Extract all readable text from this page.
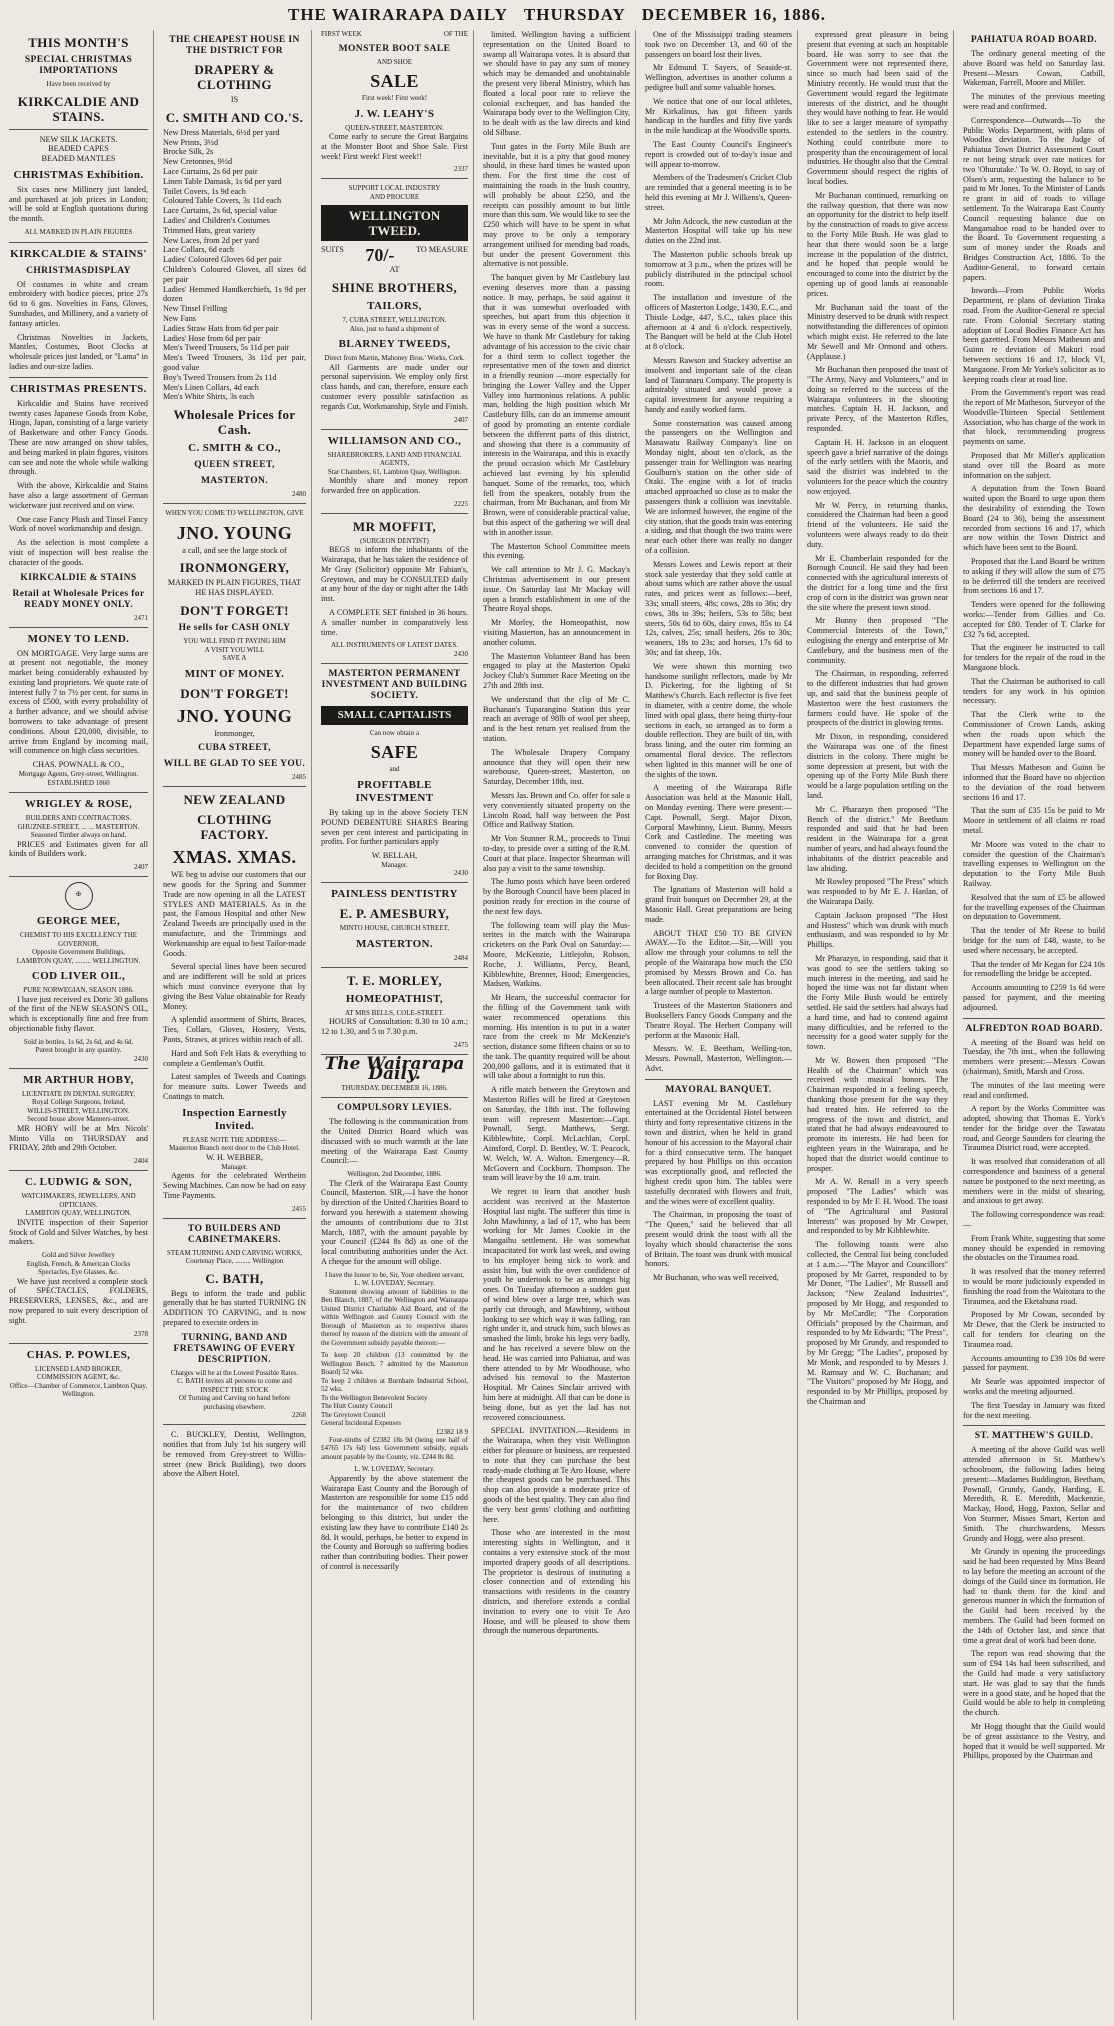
THE WAIRARAPA DAILY THURSDAY DECEMBER 16, 1886.
THIS MONTH'S
SPECIAL CHRISTMAS IMPORTATIONS
Have been received by
KIRKCALDIE AND STAINS.
NEW SILK JACKETS.
BEADED CAPES
BEADED MANTLES
CHRISTMAS Exhibition.

Six cases new Millinery just landed, and purchased at job prices in London; will be sold at English quotations during the month.

ALL MARKED IN PLAIN FIGURES
KIRKCALDIE & STAINS'
CHRISTMASDISPLAY

Of costumes in white and cream embroidery with bodice pieces, price 27s 6d to 6 gns. Novelties in Fans, Gloves, Sunshades, and Millinery, and a variety of fantasy articles.

Christmas Novelties in Jackets, Mantles, Costumes, Boot Clocks at wholesale prices just landed, or "Lama" in ladies and our-size ladies.

CHRISTMAS PRESENTS.

Kirkcaldie and Stains have received twenty cases Japanese Goods from Kobe, Hiogo, Japan, consisting of a large variety of Basketware and other Fancy Goods. These are now arranged on show tables, and being marked in plain figures, visitors can see and note the whole while walking through.

With the above, Kirkcaldie and Stains have also a large assortment of German wickerware just received and on view.

One case Fancy Plush and Tinsel Fancy Work of novel workmanship and design.

As the selection is most complete a visit of inspection will best realise the character of the goods.

KIRKCALDIE & STAINS
Retail at Wholesale Prices for READY MONEY ONLY.
2471
MONEY TO LEND.

ON MORTGAGE. Very large sums are at present not negotiable, the money market being considerably exhausted by existing land proprietors. We quote rate of interest fully 7 to 7½ per cent. for sums in excess of £500, with every probability of a further advance, and we should advise borrowers to take advantage of present conditions. About £20,000, divisible, to arrive from England by incoming mail, will commence on high class securities.

CHAS. POWNALL & CO.,
Mortgage Agents, Grey-street, Wellington.
ESTABLISHED 1860
WRIGLEY & ROSE,
BUILDERS AND CONTRACTORS.
GHUZNEE-STREET, ... ... MASTERTON.
Seasoned Timber always on hand.

PRICES and Estimates given for all kinds of Builders work.

2407
✠
GEORGE MEE,
CHEMIST TO HIS EXCELLENCY THE GOVERNOR,
Opposite Government Buildings,
LAMBTON QUAY, ......... WELLINGTON.
COD LIVER OIL,
PURE NORWEGIAN, SEASON 1886.

I have just received ex Doric 30 gallons of the first of the NEW SEASON'S OIL, which is exceptionally fine and free from objectionable fishy flavor.

Sold in bottles, 1s 6d, 2s 6d, and 4s 6d.
Purest brought in any quantity.
2430
MR ARTHUR HOBY,
LICENTIATE IN DENTAL SURGERY,
Royal College Surgeons, Ireland,
WILLIS-STREET, WELLINGTON.
Second house above Manners-street.

MR HOBY will be at Mrs Nicols' Minto Villa on THURSDAY and FRIDAY, 28th and 29th October.

2404
C. LUDWIG & SON,
WATCHMAKERS, JEWELLERS, AND OPTICIANS.
LAMBTON QUAY, WELLINGTON.

INVITE inspection of their Superior Stock of Gold and Silver Watches, by best makers.

Gold and Silver Jewellery
English, French, & American Clocks
Spectacles, Eye Glasses, &c.

We have just received a complete stock of SPECTACLES, FOLDERS, PRESERVERS, LENSES, &c., and are now prepared to suit every description of sight.

2378
CHAS. P. POWLES,
LICENSED LAND BROKER,
COMMISSION AGENT, &c.
Office—Chamber of Commerce, Lambton Quay, Wellington.
THE CHEAPEST HOUSE IN THE DISTRICT FOR
DRAPERY & CLOTHING
IS
C. SMITH AND CO.'S.
New Dress Materials, 6½d per yard
New Prints, 3½d
Brocke Silk, 2s
New Cretonnes, 9½d
Lace Curtains, 2s 6d per pair
Linen Table Damask, 1s 6d per yard
Toilet Covers, 1s 9d each
Coloured Table Covers, 3s 11d each
Lace Curtains, 2s 6d, special value
Ladies' and Children's Costumes
Trimmed Hats, great variety
New Laces, from 2d per yard
Lace Collars, 6d each
Ladies' Coloured Gloves 6d per pair
Children's Coloured Gloves, all sizes 6d per pair
Ladies' Hemmed Handkerchiefs, 1s 9d per dozen
New Tinsel Frilling
New Fans
Ladies Straw Hats from 6d per pair
Ladies' Hose from 6d per pair
Men's Tweed Trousers, 5s 11d per pair
Men's Tweed Trousers, 3s 11d per pair, good value
Boy's Tweed Trousers from 2s 11d
Men's Linen Collars, 4d each
Men's White Shirts, 3s each
Wholesale Prices for Cash.
C. SMITH & CO.,
QUEEN STREET,
MASTERTON.
2480
WHEN YOU COME TO WELLINGTON, GIVE
JNO. YOUNG
a call, and see the large stock of
IRONMONGERY,
MARKED IN PLAIN FIGURES, THAT HE HAS DISPLAYED.
DON'T FORGET!
He sells for CASH ONLY
YOU WILL FIND IT PAYING HIM
A VISIT YOU WILL
SAVE A
MINT OF MONEY.
DON'T FORGET!
JNO. YOUNG
Ironmonger,
CUBA STREET,
WILL BE GLAD TO SEE YOU.
2485
NEW ZEALAND
CLOTHING FACTORY.
XMAS. XMAS.

WE beg to advise our customers that our new goods for the Spring and Summer Trade are now opening in all the LATEST STYLES AND MATERIALS. As in the past, the Famous Hospital and other New Zealand Tweeds are principally used in the manufacture, and the Trimmings and Workmanship are equal to best Tailor-made Goods.

Several special lines have been secured and are indifferent will be sold at prices which must convince everyone that by giving the Best Value obtainable for Ready Money.

A splendid assortment of Shirts, Braces, Ties, Collars, Gloves, Hosiery, Vests, Pants, Straws, at prices within reach of all.

Hard and Soft Felt Hats & everything to complete a Gentleman's Outfit.

Latest samples of Tweeds and Coatings for measure suits. Lower Tweeds and Coatings to match.

Inspection Earnestly Invited.
PLEASE NOTE THE ADDRESS:—
Masterton Branch next door to the Club Hotel.
W. H. WEBBER,
Manager.

Agents for the celebrated Wertheim Sewing Machines. Can now be had on easy Time Payments.

2455
TO BUILDERS AND CABINETMAKERS.
STEAM TURNING AND CARVING WORKS,
Courtenay Place, ......... Wellington
C. BATH,

Begs to inform the trade and public generally that he has started TURNING IN ADDITION TO CARVING, and is now prepared to execute orders in

TURNING, BAND AND FRETSAWING OF EVERY DESCRIPTION.
Charges will be at the Lowest Possible Rates.
C. BATH invites all persons to come and INSPECT THE STOCK
Of Turning and Carving on hand before purchasing elsewhere.
2268

C. BUCKLEY, Dentist, Wellington, notifies that from July 1st his surgery will be removed from Grey-street to Willis-street (new Brick Building), two doors above the Albert Hotel.

FIRST WEEK	OF THE
MONSTER BOOT SALE
AND SHOE
SALE
First week! First week!
J. W. LEAHY'S
QUEEN-STREET, MASTERTON.

Come early to secure the Great Bargains at the Monster Boot and Shoe Sale. First week! First week! First week!!

2337
SUPPORT LOCAL INDUSTRY
AND PROCURE
WELLINGTON TWEED.
SUITS 70/-	TO MEASURE
AT
SHINE BROTHERS,
TAILORS,
7, CUBA STREET, WELLINGTON.
Also, just to hand a shipment of
BLARNEY TWEEDS,
Direct from Martin, Mahoney Bros.' Works, Cork.

All Garments are made under our personal supervision. We employ only first class hands, and can, therefore, ensure each customer every possible satisfaction as regards Cut, Workmanship, Style and Finish.

2407
WILLIAMSON AND CO.,
SHAREBROKERS, LAND AND FINANCIAL AGENTS,
Star Chambers, 61, Lambton Quay, Wellington.

Monthly share and money report forwarded free on application.

2225
MR MOFFIT,
(SURGEON DENTIST)

BEGS to inform the inhabitants of the Wairarapa, that he has taken the residence of Mr Gray (Solicitor) opposite Mr Fabian's, Greytown, and may be CONSULTED daily at any hour of the day or night after the 14th inst.

A COMPLETE SET finished in 36 hours. A smaller number in comparatively less time.

ALL INSTRUMENTS OF LATEST DATES.
2430
MASTERTON PERMANENT INVESTMENT AND BUILDING SOCIETY.
SMALL CAPITALISTS
Can now obtain a
SAFE
and
PROFITABLE INVESTMENT

By taking up in the above Society TEN POUND DEBENTURE SHARES Bearing seven per cent interest and participating in profits. For further particulars apply

W. BELLAH,
Manager.
2430
PAINLESS DENTISTRY
E. P. AMESBURY,
MINTO HOUSE, CHURCH STREET,
MASTERTON.
2484
T. E. MORLEY,
HOMEOPATHIST,
AT MRS BELLS, COLE-STREET.

HOURS of Consultation: 8.30 to 10 a.m.; 12 to 1.30, and 5 to 7.30 p.m.

2475
The Wairarapa Daily.
THURSDAY, DECEMBER 16, 1886.
COMPULSORY LEVIES.

The following is the communication from the United District Board which was discussed with so much warmth at the late meeting of the Wairarapa East County Council:—

Wellington, 2nd December, 1886.

The Clerk of the Wairarapa East County Council, Masterton. SIR,—I have the honor by direction of the United Charities Board to forward you herewith a statement showing the amounts of contributions due to 31st March, 1887, with the amount payable by your Council (£244 8s 8d) as one of the local contributing authorities under the Act. A cheque for the amount will oblige.

I have the honor to be, Sir, Your obedient servant,
L. W. LOVEDAY, Secretary.

Statement showing amount of liabilities to the Ben Blanch, 1887, of the Wellington and Wairarapa United District Charitable Aid Board, and of the within Wellington and County Council with the Borough of Masterton as to respective shares thereof by reason of the districts with the amount of the Government subsidy payable thereon:—

To keep 20 children (13 committed by the Wellington Bench, 7 admitted by the Masterton Board) 52 wks.
To keep 2 children at Burnham Industrial School, 52 wks.
To the Wellington Benevolent Society
The Hutt County Council
The Greytown Council
General Incidental Expenses
£2382 18 9

Four-ninths of £2382 18s 9d (being one half of £4765 17s 6d) less Government subsidy, equals amount payable by the County, viz. £244 8s 8d.

L. W. LOVEDAY, Secretary.

Apparently by the above statement the Wairarapa East County and the Borough of Masterton are responsible for some £15 odd for the maintenance of two children belonging to this district, but under the existing law they have to contribute £140 2s 8d. It would, perhaps, be better to expend in the County and Borough so suffering bodies rather than contributing bodies. Their power of control is necessarily

limited. Wellington having a sufficient representation on the United Board to swamp all Wairarapa votes. It is absurd that we should have to pay any sum of money which may be demanded and unobtainable the present very liberal Ministry, which has floated a local poor rate to relieve the colonial exchequer, and has handed the Wairarapa body over to the Wellington City, to be dealt with as the law directs and kind old Silbase.

Tout gates in the Forty Mile Bush are inevitable, but it is a pity that good money should, in these hard times be wasted upon them. For the first time the cost of maintaining the roads in the bush country, will probably be about £250, and the receipts can possibly amount to but little more than this sum. We would like to see the £250 which will have to be spent in what may prove to be only a temporary arrangement utilised for mending bad roads, but under the present Government this alternative is not possible.

The banquet given by Mr Castlebury last evening deserves more than a passing notice. It may, perhaps, be said against it that it was somewhat overloaded with speeches, but apart from this objection it was in every sense of the word a success. We have to thank Mr Castlebury for taking advantage of his accession to the civic chair for a third term to collect together the representative men of the town and district in a friendly reunion —more especially for bringing the Lower Valley and the Upper Valley into harmonious relations. A public man, holding the high position which Mr Castlebury fills, can do an immense amount of good by promoting an entente cordiale between the different parts of this district, and showing that there is a community of interests in the Wairarapa, and this is exactly the proud occasion which Mr Castlebury achieved last evening by his splendid banquet. Some of the remarks, too, which fell from the speakers, notably from the chairman, from Mr Buchanan, and from Mr Brown, were of considerable practical value, but this aspect of the gathering we will deal with in another issue.

The Masterton School Committee meets this evening.

We call attention to Mr J. G. Mackay's Christmas advertisement in our present issue. On Saturday last Mr Mackay will open a branch establishment in one of the Theatre Royal shops.

Mr Morley, the Homeopathist, now visiting Masterton, has an announcement in another column.

The Masterton Volunteer Band has been engaged to play at the Masterton Opaki Jockey Club's Summer Race Meeting on the 27th and 28th inst.

We understand that the clip of Mr C. Buchanan's Tuparangino Station this year reach an average of 98lb of wool per sheep, and is the best return yet realised from the station.

The Wholesale Drapery Company announce that they will open their new warehouse, Queen-street, Masterton, on Saturday, December 18th, inst.

Messrs Jas. Brown and Co. offer for sale a very conveniently situated property on the Lincoln Road, half way between the Post Office and Railway Station.

Mr Von Stunner R.M., proceeds to Tinui to-day, to preside over a sitting of the R.M. Court at that place. Inspector Shearman will also pay a visit to the same township.

The Jumo posts which have been ordered by the Borough Council have been placed in position ready for erection in the course of the next few days.

The following team will play the Mus-terites in the match with the Wairarapa cricketers on the Park Oval on Saturday:—Moore, McKenzie, Littlejohn, Robson, Roche, J. Williams, Percy, Beard, Kibblewhite, Brenner, Hood; Emergencies, Madsen, Watkins.

Mr Hearn, the successful contractor for the filling of the Government tank with water recommenced operations this morning. His intention is to put in a water race from the creek to Mr McKenzie's section, distance some fifteen chains or so to the tank. The quantity required will be about 200,000 gallons, and it is estimated that it will take about a fortnight to run this.

A rifle match between the Greytown and Masterton Rifles will be fired at Greytown on Saturday, the 18th inst. The following team will represent Masterton:—Capt. Pownall, Sergt. Matthews, Sergt. Kibblewhite, Corpl. McLachlan, Corpl. Ainsford, Corpl. D. Bentley, W. T. Peacock, W. Welch, W. A. Walton. Emergency—R. McGovern and Cockburn. Thompson. The team will leave by the 10 a.m. train.

We regret to learn that another bush accident was received at the Masterton Hospital last night. The sufferer this time is John Mawhinny, a lad of 17, who has been working for Mr James Cookie in the Mangaihu settlement. He was somewhat incapacitated for work last week, and owing to his employer being sick to work and assist him, but with the over confidence of youth he undertook to be as amongst big ones. On Tuesday afternoon a sudden gust of wind blew over a large tree, which was partly cut through, and Mawhinny, without looking to see which way it was falling, ran right under it, and struck him, such blows as smashed the limb, broke his legs very badly, and he has received a severe blow on the head. He was carried into Pahiatua, and was there attended to by Mr Woodhouse, who advised his removal to the Masterton Hospital. Mr Caines Sinclair arrived with him here at midnight. All that can be done is being done, but as yet the lad has not recovered consciousness.

SPECIAL INVITATION.—Residents in the Wairarapa, when they visit Wellington either for pleasure or business, are requested to note that they can purchase the best ready-made clothing at Te Aro House, where the cheapest goods can be purchased. This shop can also provide a moderate price of goods of the best quality. They can also find the very best gents' clothing and outfitting here.

Those who are interested in the most interesting sights in Wellington, and it contains a very extensive stock of the most imported drapery goods of all descriptions. The proprietor is desirous of instituting a closer connection and of extending his transactions with residents in the country districts, and therefore extends a cordial invitation to every one to visit Te Aro House, and will be pleased to show them through the numerous departments.

One of the Mississippi trading steamers took two on December 13, and 60 of the passengers on board lost their lives.

Mr Edmund T. Sayers, of Seaside-st. Wellington, advertises in another column a pedigree bull and some valuable horses.

We notice that one of our local athletes, Mr Kirkalinus, has got fifteen yards handicap in the hurdles and fifty five yards in the mile handicap at the Woodville sports.

The East County Council's Engineer's report is crowded out of to-day's issue and will appear to-morrow.

Members of the Tradesmen's Cricket Club are reminded that a general meeting is to be held this evening at Mr J. Wilkens's, Queen-street.

Mr John Adcock, the new custodian at the Masterton Hospital will take up his new duties on the 22nd inst.

The Masterton public schools break up tomorrow at 3 p.m., when the prizes will be publicly distributed in the principal school room.

The installation and investure of the officers of Masterton Lodge, 1430, E.C., and Thistle Lodge, 447, S.C., takes place this afternoon at 4 and 6 o'clock respectively. The Banquet will be held at the Club Hotel at 8 o'clock.

Messrs Rawson and Stackey advertise an insolvent and important sale of the clean land of Tauranaru Company. The property is admirably situated and would prove a capital investment for anyone requiring a handy and easily worked farm.

Some consternation was caused among the passengers on the Wellington and Manawatu Railway Company's line on Monday night, about ten o'clock, as the passenger train for Wellington was nearing Goulburn's station on the other side of Otaki. The engine with a lot of trucks attached approached so close as to make the passengers think a collision was inevitable. We are informed however, the engine of the city station, that the goods train was entering a siding, and that though the two trains were near each other there was really no danger of a collision.

Messrs Lowes and Lewis report at their stock sale yesterday that they sold cattle at about sums which are rather above the usual rates, and prices went as follows:—beef, 33s; small steers, 48s; cows, 28s to 36s; dry cows, 38s to 39s; heifers, 53s to 58s; best steers, 50s 6d to 60s, dairy cows, 85s to £4 12s, calves, 25s; small heifers, 26s to 30s; weaners, 18s to 23s; and horses, 17s 6d to 30s; and fat sheep, 10s.

We were shown this morning two handsome sunlight reflectors, made by Mr D. Pickering, for the lighting of St Matthew's Church. Each reflector is five feet in diameter, with a centre dome, the whole lined with opal glass, there being thirty-four sections in each, so arranged as to form a double reflection. They are built of tin, with brass lining, and the outer rim forming an ornamental floral device. The reflectors when lighted in this manner will be one of the sights of the town.

A meeting of the Wairarapa Rifle Association was held at the Masonic Hall, on Monday evening. There were present:—Capt. Pownall, Sergt. Major Dixon, Corporal Mawhinny, Lieut. Bunny, Messrs Cork and Castledine. The meeting was convened to consider the question of arranging matches for Christmas, and it was decided to hold a competition on the ground for Boxing Day.

The Ignatians of Masterton will hold a grand fruit banquet on December 29, at the Masonic Hall. Great preparations are being made.

ABOUT THAT £50 TO BE GIVEN AWAY.—To the Editor.—Sir,—Will you allow me through your columns to tell the people of the Wairarapa how much the £50 promised by Messrs Brown and Co. has been allocated. Their recent sale has brought a large number of people to Masterton.

Trustees of the Masterton Stationers and Booksellers Fancy Goods Company and the Theatre Royal. The Herbert Company will perform at the Masonic Hall.

Messrs. W. E. Beetham, Welling-ton, Messrs. Pownall, Masterton, Wellington.—Advt.

MAYORAL BANQUET.

LAST evening Mr M. Castlebury entertained at the Occidental Hotel between thirty and forty representative citizens in the town and district, when he held in grand honour of his accession to the Mayoral chair for a third consecutive term. The banquet prepared by host Phillips on this occasion was exceptionally good, and reflected the highest credit upon him. The tables were tastefully decorated with flowers and fruit, and the wines were of excellent quality.

The Chairman, in proposing the toast of "The Queen," said he believed that all present would drink the toast with all the loyalty which should characterise the sons of Britain. The toast was drunk with musical honors.

Mr Buchanan, who was well received,

expressed great pleasure in being present that evening at such an hospitable board. He was sorry to see that the Government were not represented there, since so much had been said of the Ministry recently. He would trust that the Government would regard the legitimate interests of the district, and he thought they would have nothing to fear. He would like to see a larger measure of sympathy extended to the settlers in the country. Nothing could contribute more to prosperity than the encouragement of local industries. He thought also that the Central Government should respect the rights of local bodies.

Mr Buchanan continued, remarking on the railway question, that there was now an opportunity for the district to help itself by the construction of roads to give access to the Forty Mile Bush. He was glad to hear that there would soon be a large increase in the population of the district, and he hoped that people would be encouraged to come into the district by the opening up of good lands at reasonable prices.

Mr Buchanan said the toast of the Ministry deserved to be drunk with respect notwithstanding the differences of opinion which might exist. He referred to the late Mr Sewell and Mr Ormond and others. (Applause.)

Mr Buchanan then proposed the toast of "The Army, Navy and Volunteers," and in doing so referred to the success of the Wairarapa volunteers in the shooting matches. Captain H. H. Jackson, and private Percy, of the Masterton Rifles, responded.

Captain H. H. Jackson in an eloquent speech gave a brief narrative of the doings of the early settlers with the Maoris, and said the district was indebted to the volunteers for the peace which the country now enjoyed.

Mr W. Percy, in returning thanks, considered the Chairman had been a good friend of the volunteers. He said the volunteers were always ready to do their duty.

Mr E. Chamberlain responded for the Borough Council. He said they had been connected with the agricultural interests of the district for a long time and the first crop of corn in the district was grown near the site where the present town stood.

Mr Bunny then proposed "The Commercial Interests of the Town," eulogising the energy and enterprise of Mr Castlebury, and the business men of the community.

The Chairman, in responding, referred to the different industries that had grown up, and said that the business people of Masterton were the best customers the farmers could have. He spoke of the prospects of the district in glowing terms.

Mr Dixon, in responding, considered the Wairarapa was one of the finest districts in the colony. There might be some depression at present, but with the opening up of the Forty Mile Bush there would be a large population settling on the land.

Mr C. Pharazyn then proposed "The Bench of the district." Mr Beetham responded and said that he had been resident in the Wairarapa for a great number of years, and had always found the inhabitants of the district peaceable and law abiding.

Mr Rowley proposed "The Press" which was responded to by Mr E. J. Hanlan, of the Wairarapa Daily.

Captain Jackson proposed "The Host and Hostess" which was drunk with much enthusiasm, and was responded to by Mr Phillips.

Mr Pharazyn, in responding, said that it was good to see the settlers taking so much interest in the meeting, and said he hoped the time was not far distant when the Forty Mile Bush would be entirely settled. He said the settlers had always had a hard time, and had to contend against many difficulties, and he referred to the necessity for a good water supply for the town.

Mr W. Bowen then proposed "The Health of the Chairman" which was received with musical honors. The Chairman responded in a feeling speech, thanking those present for the way they had treated him. He referred to the progress of the town and district, and stated that he had always endeavoured to promote its interests. He had been for eighteen years in the Wairarapa, and he hoped that the district would continue to prosper.

Mr A. W. Renall in a very speech proposed "The Ladies" which was responded to by Mr F. H. Wood. The toast of "The Agricultural and Pastoral Interests" was proposed by Mr Cowper, and responded to by Mr Kibblewhite.

The following toasts were also collected, the Central list being concluded at 1 a.m.:—"The Mayor and Councillors" proposed by Mr Garret, responded to by Mr Doner, "The Ladies", Mr Russell and Jackson; "New Zealand Industries", proposed by Mr Hogg, and responded to by Mr McCardle; "The Corporation Officials" proposed by the Chairman, and responded to by Mr Edwards; "The Press", proposed by Mr Grundy, and responded to by Mr Gregg; "The Ladies", proposed by Mr Monk, and responded to by Messrs J. M. Ramsay and W. C. Buchanan; and "The Visitors" proposed by Mr Hogg, and responded to by Mr Phillips, proposed by the Chairman and

PAHIATUA ROAD BOARD.

The ordinary general meeting of the above Board was held on Saturday last. Present—Messrs Cowan, Catbill, Wakeman, Farrell, Moore and Miller.

The minutes of the previous meeting were read and confirmed.

Correspondence—Outwards—To the Public Works Department, with plans of Woodlea deviation. To the Judge of Pahiatua Town District Assessment Court re not being struck over rate notices for two 'Ohurutake.' To W. O. Boyd, to say of Olsen's arm, requesting the balance to be paid to Mr Jones. To the Minister of Lands re grant in aid of roads to village settlement. To the Wairarapa East County Council requesting balance due on Mangamahoe road to be handed over to the Board. To Government requesting a sum of money under the Roads and Bridges Construction Act, 1886. To the Auditor-General, to forward certain papers.

Inwards—From Public Works Department, re plans of deviation Tiraka road. From the Auditor-General re special rate. From Colonial Secretary stating adoption of Local Bodies Finance Act has been gazetted. From Messrs Matheson and Guinn re deviation of Makuri road between sections 16 and 17, block VI, Mangaone. From Mr Yorke's solicitor as to keeping roads clear at road line.

From the Government's report was read the report of Mr Matheson, Surveyor of the Woodville-Thirteen Special Settlement Association, who has charge of the work in that block, recommending progress payments on same.

Proposed that Mr Miller's application stand over till the Board as more information on the subject.

A deputation from the Town Board waited upon the Board to urge upon them the desirability of extending the Town Board (24 to 36), being the assessment recorded from sections 16 and 17, which are now within the Town District and which have been sent to the Board.

Proposed that the Land Board be written to asking if they will allow the sum of £75 to be deferred till the tenders are received from sections 16 and 17.

Tenders were opened for the following works:—Tender from Gillies and Co. accepted for £80. Tender of T. Clarke for £32 7s 6d, accepted.

That the engineer be instructed to call for tenders for the repair of the road in the Mangaone block.

That the Chairman be authorised to call tenders for any work in his opinion necessary.

That the Clerk write to the Commissioner of Crown Lands, asking when the roads upon which the Department have expended large sums of money will be handed over to the Board.

That Messrs Matheson and Guinn be informed that the Board have no objection to the deviation of the road between sections 16 and 17.

That the sum of £35 15s be paid to Mr Moore in settlement of all claims re road metal.

Mr Moore was voted to the chair to consider the question of the Chairman's travelling expenses to Wellington on the deputation to the Forty Mile Bush Railway.

Resolved that the sum of £5 be allowed for the travelling expenses of the Chairman on deputation to Government.

That the tender of Mr Reese to build bridge for the sum of £48, waste, to be used where necessary, be accepted.

That the tender of Mr Kegan for £24 10s for remodelling the bridge be accepted.

Accounts amounting to £259 1s 6d were passed for payment, and the meeting adjourned.

ALFREDTON ROAD BOARD.

A meeting of the Board was held on Tuesday, the 7th inst., when the following members were present:—Messrs Cowan (chairman), Smith, Marsh and Cross.

The minutes of the last meeting were read and confirmed.

A report by the Works Committee was adopted, showing that Thomas E. York's tender for the bridge over the Tawatau road, and George Saunders for clearing the Tiraumea District road, were accepted.

It was resolved that consideration of all correspondence and business of a general nature be postponed to the next meeting, as members were in the midst of shearing, and anxious to get away.

The following correspondence was read:—

From Frank White, suggesting that some money should be expended in removing the obstacles on the Tiraumea road.

It was resolved that the money referred to would be more judiciously expended in finishing the road from the Waitotara to the Tiraumea, and the Eketahuna road.

Proposed by Mr Cowan, seconded by Mr Dewe, that the Clerk be instructed to call for tenders for clearing on the Tiraumea road.

Accounts amounting to £39 10s 8d were passed for payment.

Mr Searle was appointed inspector of works and the meeting adjourned.

The first Tuesday in January was fixed for the next meeting.

ST. MATTHEW'S GUILD.

A meeting of the above Guild was well attended afternoon in St. Matthew's schoolroom, the following ladies being present:—Madames Buddington, Beetham, Pownall, Grundy, Gandy, Harding, E. Meredith, R. E. Meredith, Mackenzie, Mackay, Hood, Hogg, Paxton, Sellar and Von Sturmer, Misses Smart, Kerton and Smith. The churchwardens, Messrs Grundy and Hogg, were also present.

Mr Grundy in opening the proceedings said he had been requested by Miss Beard to lay before the meeting an account of the doings of the Guild since its formation. He had to thank them for the kind and generous manner in which the formation of the Guild had been received by the members. The Guild had been formed on the 14th of October last, and since that time a great deal of work had been done.

The report was read showing that the sum of £94 14s had been subscribed, and the Guild had made a very satisfactory start. He was glad to say that the funds were in a good state, and he hoped that the Guild would be able to help in completing the church.

Mr Hogg thought that the Guild would be of great assistance to the Vestry, and hoped that it would be well supported. Mr Phillips, proposed by the Chairman and
